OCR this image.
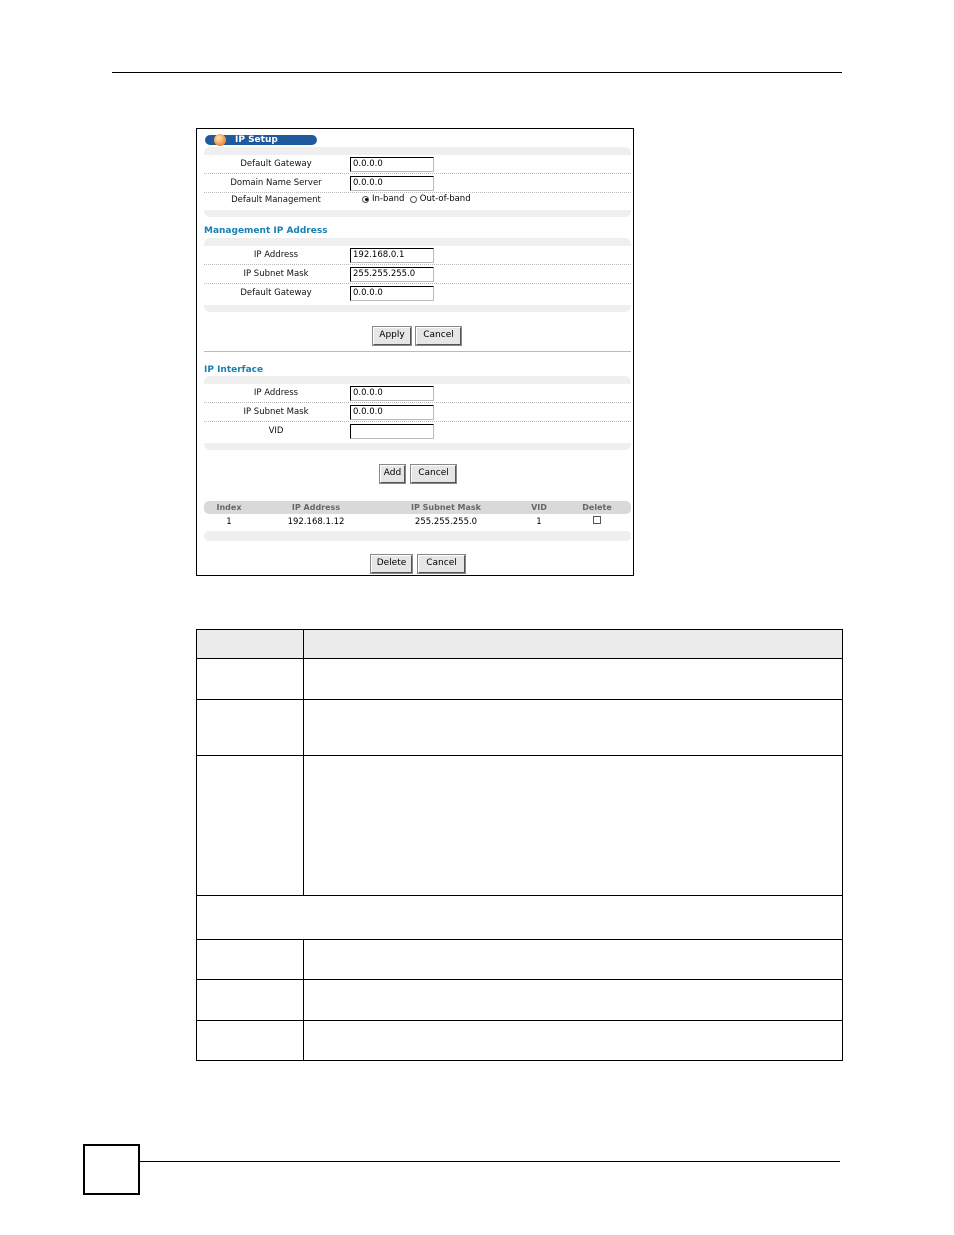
IP Setup
Default Gateway	0.0.0.0
Domain Name Server	0.0.0.0
Default Management	In-band Out-of-band
Management IP Address
IP Address	192.168.0.1
IP Subnet Mask	255.255.255.0
Default Gateway	0.0.0.0
Apply	Cancel
IP Interface
IP Address	0.0.0.0
IP Subnet Mask	0.0.0.0
VID
Add	Cancel
Index	IP Address	IP Subnet Mask	VID	Delete
1	192.168.1.12	255.255.255.0	1
Delete	Cancel
